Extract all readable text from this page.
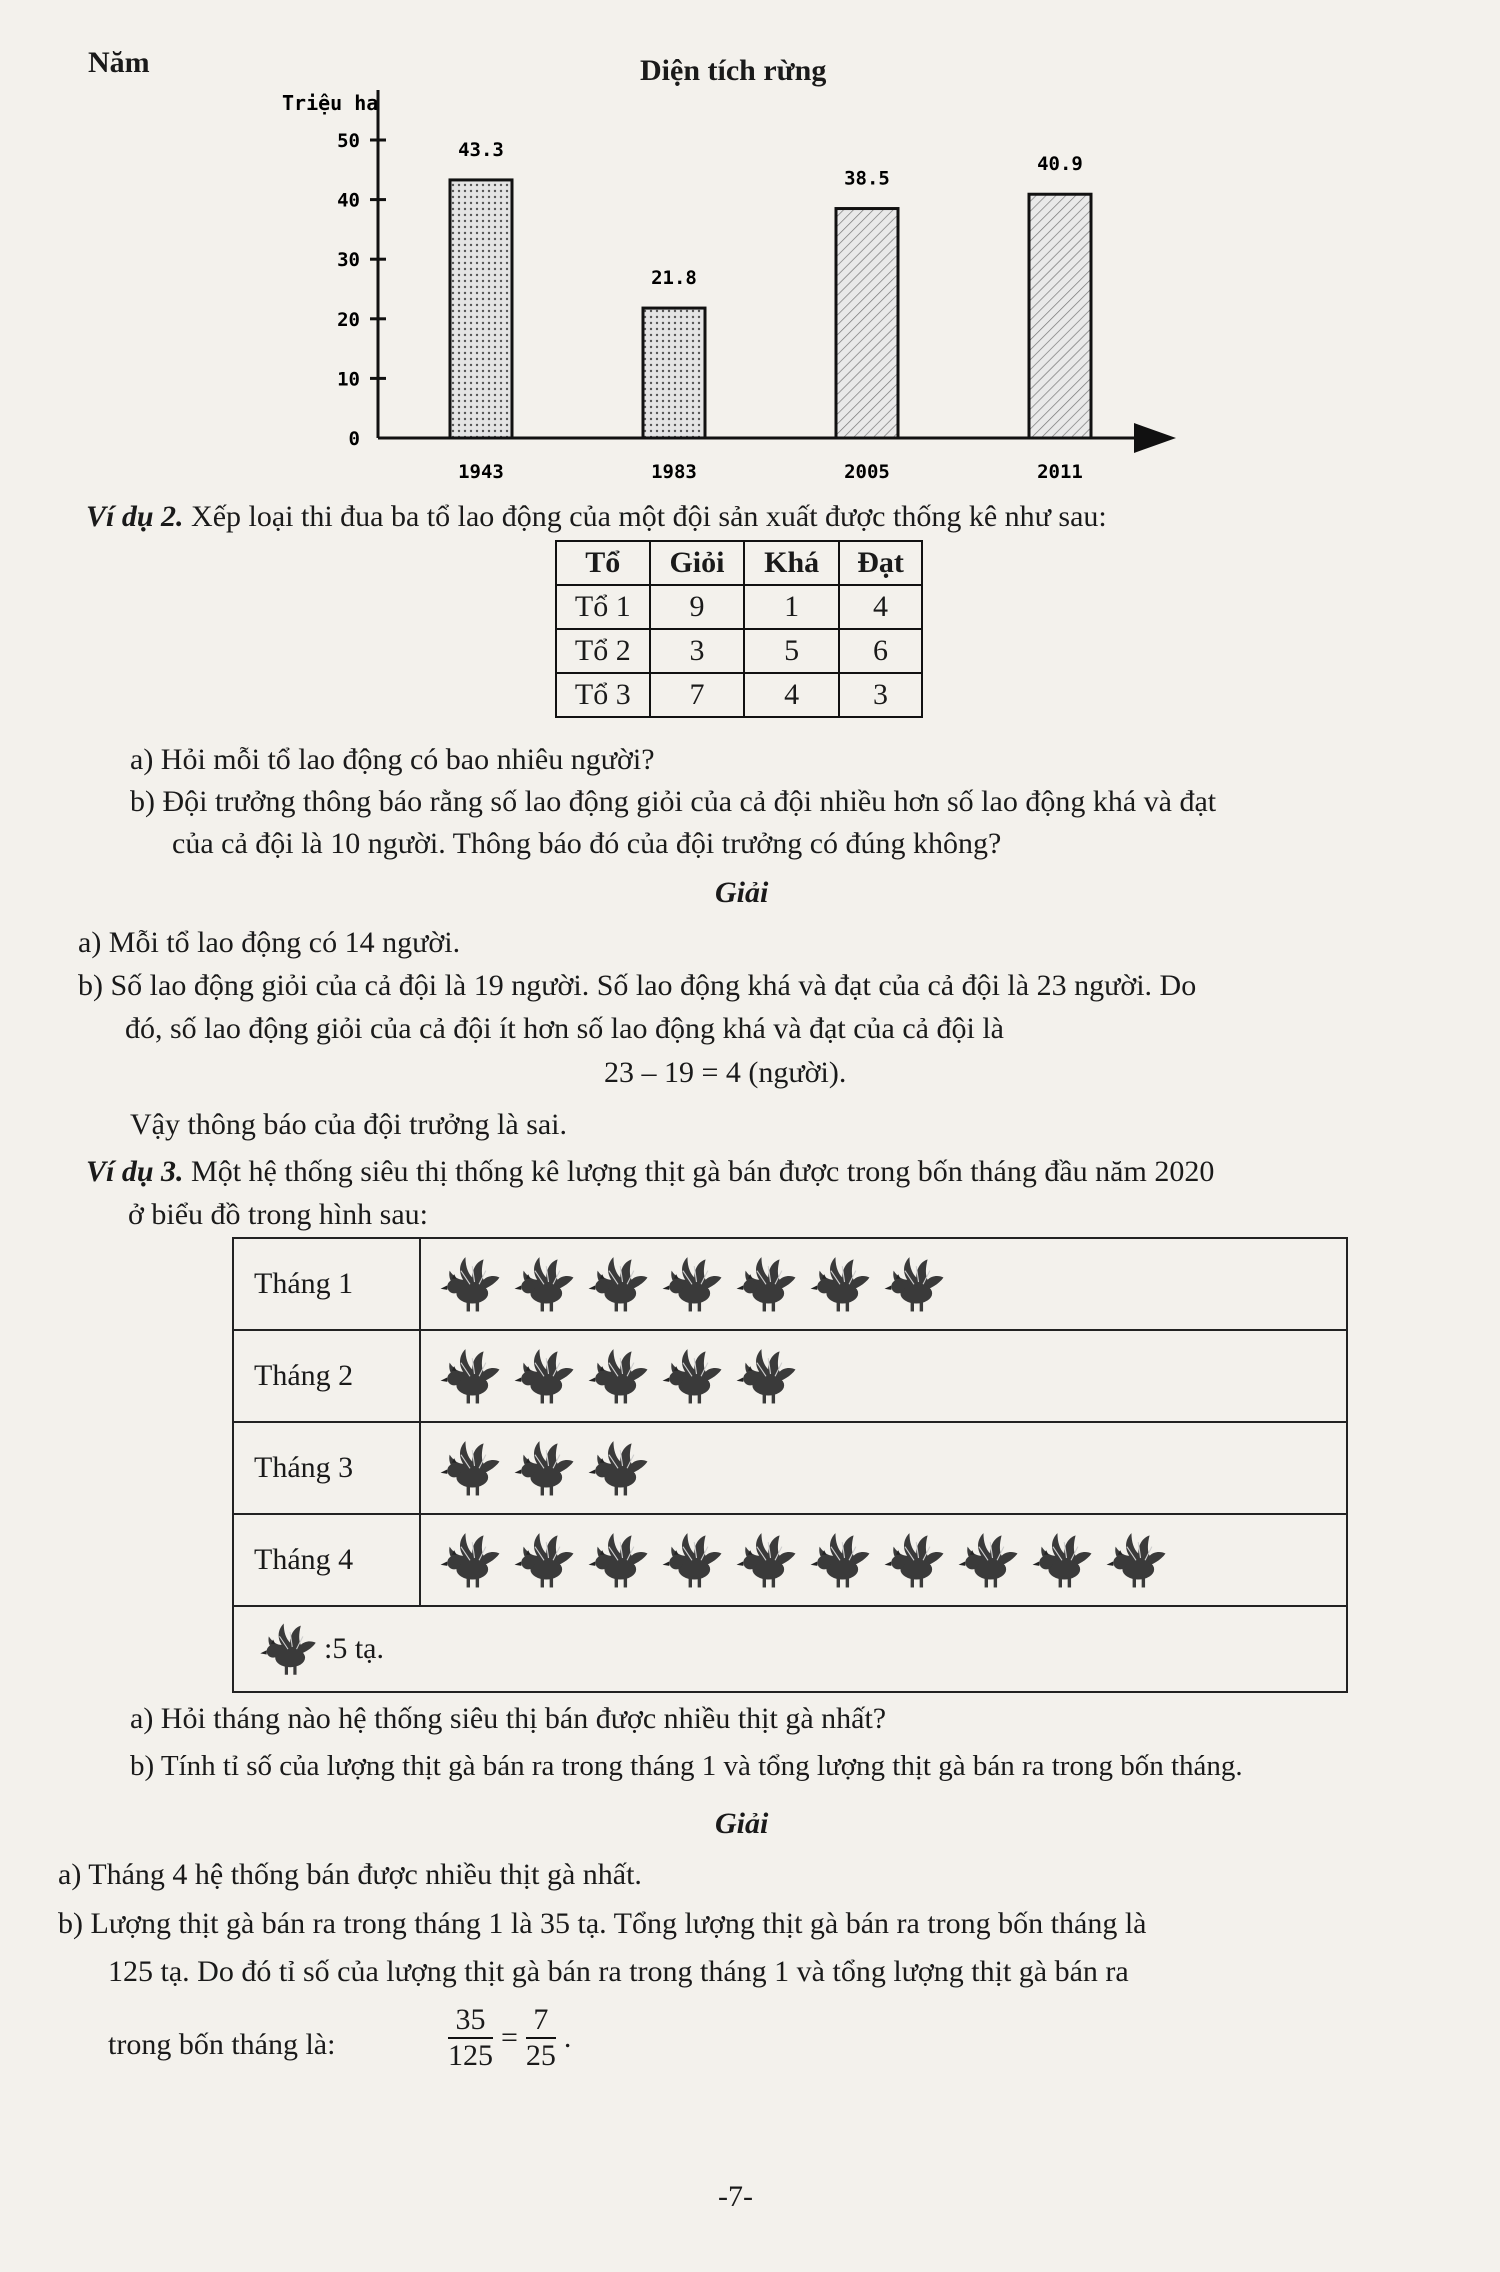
Năm	Diện tích rừng
Triệu ha
0
10
20
30
40
50	43.3
1943
21.8
1983
38.5
2005
40.9
2011
Ví dụ 2. Xếp loại thi đua ba tổ lao động của một đội sản xuất được thống kê như sau:
Tổ	Giỏi	Khá	Đạt
Tổ 1	9	1	4
Tổ 2	3	5	6
Tổ 3	7	4	3
a) Hỏi mỗi tổ lao động có bao nhiêu người?
b) Đội trưởng thông báo rằng số lao động giỏi của cả đội nhiều hơn số lao động khá và đạt
của cả đội là 10 người. Thông báo đó của đội trưởng có đúng không?
Giải
a) Mỗi tổ lao động có 14 người.
b) Số lao động giỏi của cả đội là 19 người. Số lao động khá và đạt của cả đội là 23 người. Do
đó, số lao động giỏi của cả đội ít hơn số lao động khá và đạt của cả đội là
23 – 19 = 4 (người).
Vậy thông báo của đội trưởng là sai.
Ví dụ 3. Một hệ thống siêu thị thống kê lượng thịt gà bán được trong bốn tháng đầu năm 2020
ở biểu đồ trong hình sau:
Tháng 1
Tháng 2
Tháng 3
Tháng 4
:5 tạ.
a) Hỏi tháng nào hệ thống siêu thị bán được nhiều thịt gà nhất?
b) Tính tỉ số của lượng thịt gà bán ra trong tháng 1 và tổng lượng thịt gà bán ra trong bốn tháng.
Giải
a) Tháng 4 hệ thống bán được nhiều thịt gà nhất.
b) Lượng thịt gà bán ra trong tháng 1 là 35 tạ. Tổng lượng thịt gà bán ra trong bốn tháng là
125 tạ. Do đó tỉ số của lượng thịt gà bán ra trong tháng 1 và tổng lượng thịt gà bán ra
trong bốn tháng là:	$\frac{35}{125} = \frac{7}{25}$ .
-7-
